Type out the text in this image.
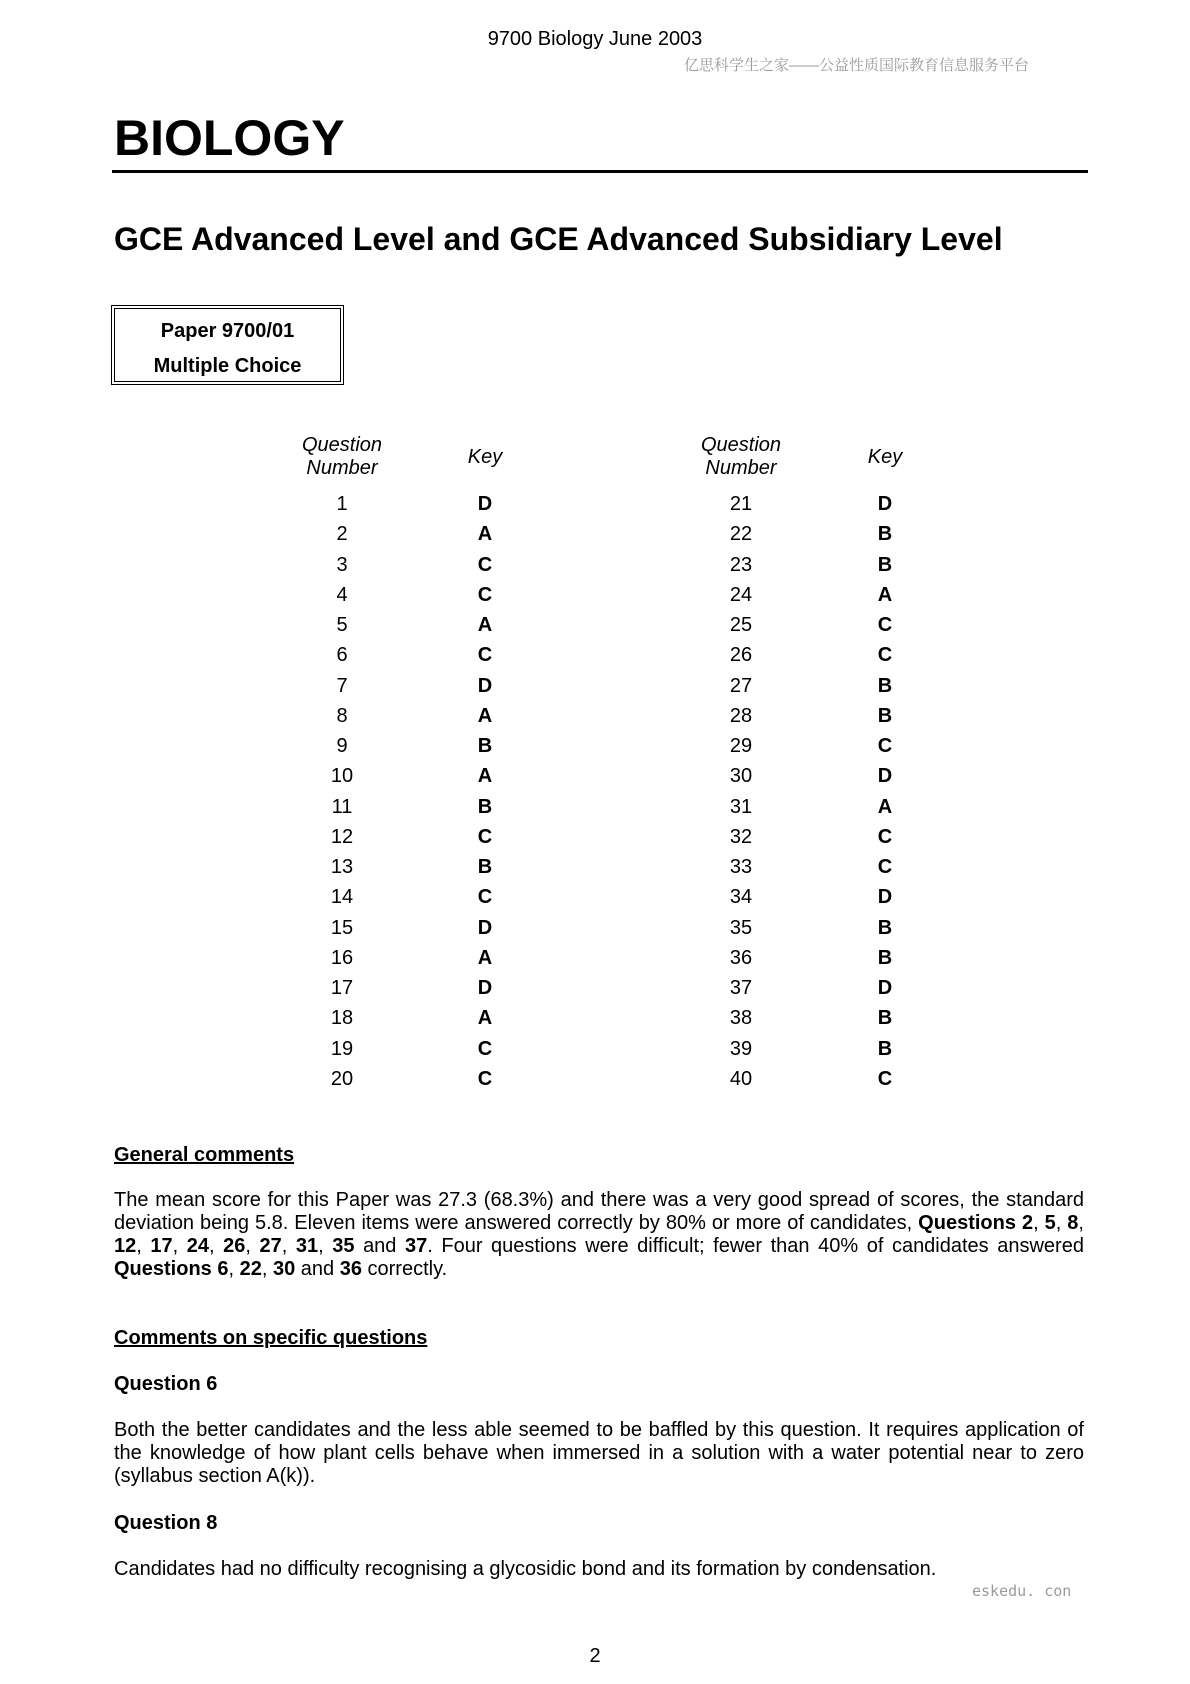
9700 Biology June 2003
亿思科学生之家——公益性质国际教育信息服务平台
BIOLOGY
GCE Advanced Level and GCE Advanced Subsidiary Level
Paper 9700/01
Multiple Choice
Question
Number	Key
Question
Number	Key
1
2
3
4
5
6
7
8
9
10
11
12
13
14
15
16
17
18
19
20
D
A
C
C
A
C
D
A
B
A
B
C
B
C
D
A
D
A
C
C
21
22
23
24
25
26
27
28
29
30
31
32
33
34
35
36
37
38
39
40
D
B
B
A
C
C
B
B
C
D
A
C
C
D
B
B
D
B
B
C
General comments
The mean score for this Paper was 27.3 (68.3%) and there was a very good spread of scores, the standard deviation being 5.8. Eleven items were answered correctly by 80% or more of candidates, Questions 2, 5, 8, 12, 17, 24, 26, 27, 31, 35 and 37. Four questions were difficult; fewer than 40% of candidates answered Questions 6, 22, 30 and 36 correctly.
Comments on specific questions
Question 6
Both the better candidates and the less able seemed to be baffled by this question. It requires application of the knowledge of how plant cells behave when immersed in a solution with a water potential near to zero (syllabus section A(k)).
Question 8
Candidates had no difficulty recognising a glycosidic bond and its formation by condensation.
eskedu. con
2
